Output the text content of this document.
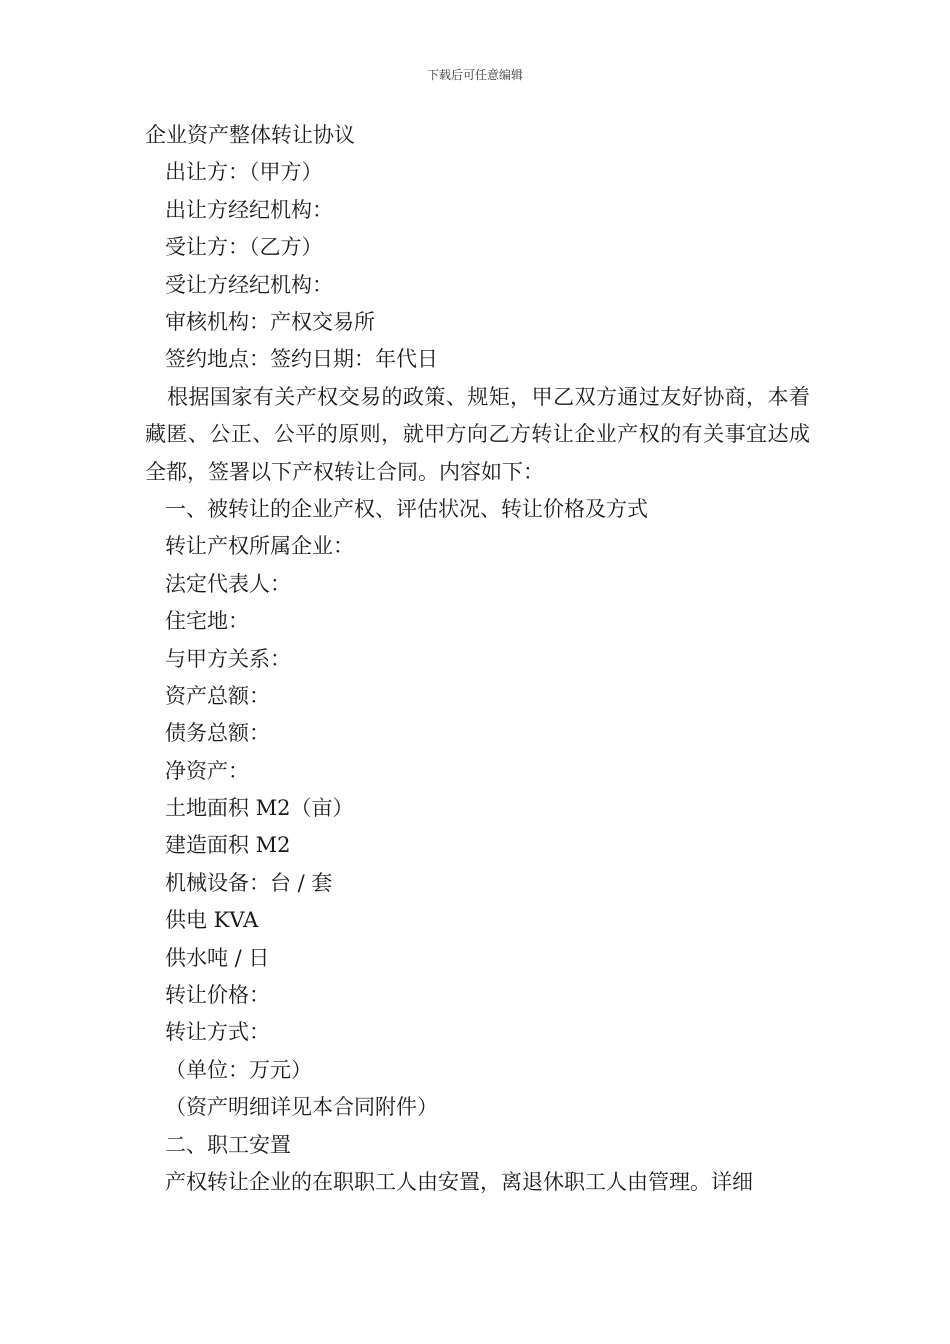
下载后可任意编辑
企业资产整体转让协议
出让方：（甲方）
出让方经纪机构：
受让方：（乙方）
受让方经纪机构：
审核机构：产权交易所
签约地点：签约日期：年代日
根据国家有关产权交易的政策、规矩，甲乙双方通过友好协商，本着藏匿、公正、公平的原则，就甲方向乙方转让企业产权的有关事宜达成全都，签署以下产权转让合同。内容如下：
一、被转让的企业产权、评估状况、转让价格及方式
转让产权所属企业：
法定代表人：
住宅地：
与甲方关系：
资产总额：
债务总额：
净资产：
土地面积 M2（亩）
建造面积 M2
机械设备：台 / 套
供电 KVA
供水吨 / 日
转让价格：
转让方式：
（单位：万元）
（资产明细详见本合同附件）
二、职工安置
产权转让企业的在职职工人由安置，离退休职工人由管理。详细
